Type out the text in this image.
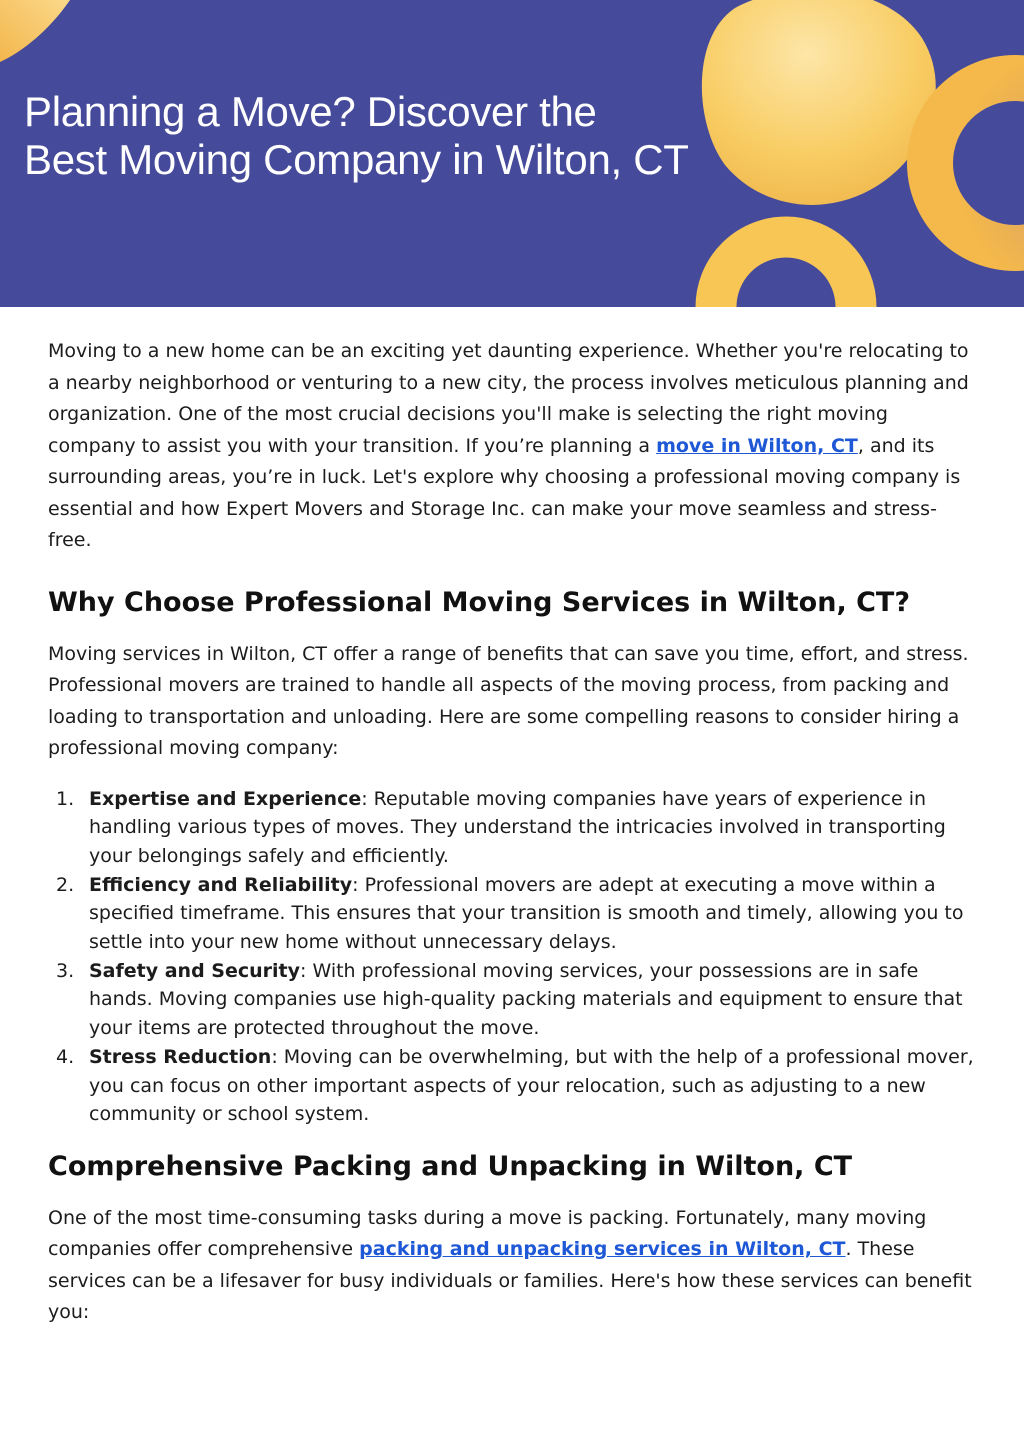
Planning a Move? Discover the
Best Moving Company in Wilton, CT

Moving to a new home can be an exciting yet daunting experience. Whether you're relocating to a nearby neighborhood or venturing to a new city, the process involves meticulous planning and organization. One of the most crucial decisions you'll make is selecting the right moving company to assist you with your transition. If you’re planning a move in Wilton, CT, and its surrounding areas, you’re in luck. Let's explore why choosing a professional moving company is essential and how Expert Movers and Storage Inc. can make your move seamless and stress-free.

Why Choose Professional Moving Services in Wilton, CT?

Moving services in Wilton, CT offer a range of benefits that can save you time, effort, and stress. Professional movers are trained to handle all aspects of the moving process, from packing and loading to transportation and unloading. Here are some compelling reasons to consider hiring a professional moving company:

1. Expertise and Experience: Reputable moving companies have years of experience in handling various types of moves. They understand the intricacies involved in transporting your belongings safely and efficiently.
2. Efficiency and Reliability: Professional movers are adept at executing a move within a specified timeframe. This ensures that your transition is smooth and timely, allowing you to settle into your new home without unnecessary delays.
3. Safety and Security: With professional moving services, your possessions are in safe hands. Moving companies use high-quality packing materials and equipment to ensure that your items are protected throughout the move.
4. Stress Reduction: Moving can be overwhelming, but with the help of a professional mover, you can focus on other important aspects of your relocation, such as adjusting to a new community or school system.
Comprehensive Packing and Unpacking in Wilton, CT

One of the most time-consuming tasks during a move is packing. Fortunately, many moving companies offer comprehensive packing and unpacking services in Wilton, CT. These services can be a lifesaver for busy individuals or families. Here's how these services can benefit you:
